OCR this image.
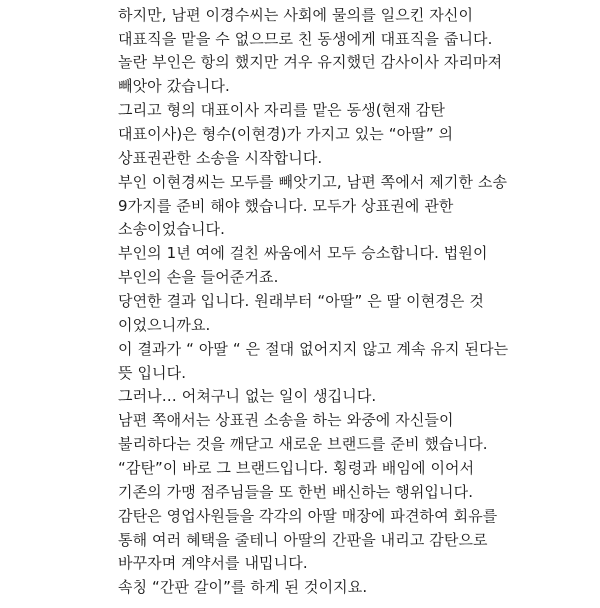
하지만, 남편 이경수씨는 사회에 물의를 일으킨 자신이

대표직을 맡을 수 없으므로 친 동생에게 대표직을 줍니다.

놀란 부인은 항의 했지만 겨우 유지했던 감사이사 자리마져

빼앗아 갔습니다.

그리고 형의 대표이사 자리를 맡은 동생(현재 감탄

대표이사)은 형수(이현경)가 가지고 있는 “아딸” 의

상표권관한 소송을 시작합니다.

부인 이현경씨는 모두를 빼앗기고, 남편 쪽에서 제기한 소송

9가지를 준비 해야 했습니다. 모두가 상표권에 관한

소송이었습니다.

부인의 1년 여에 걸친 싸움에서 모두 승소합니다. 법원이

부인의 손을 들어준거죠.

당연한 결과 입니다. 원래부터 “아딸” 은 딸 이현경은 것

이었으니까요.

이 결과가 “ 아딸 “ 은 절대 없어지지 않고 계속 유지 된다는

뜻 입니다.

그러나… 어쳐구니 없는 일이 생깁니다.

남편 쪽애서는 상표권 소송을 하는 와중에 자신들이

불리하다는 것을 깨닫고 새로운 브랜드를 준비 했습니다.

“감탄”이 바로 그 브랜드입니다. 횡령과 배임에 이어서

기존의 가맹 점주님들을 또 한번 배신하는 행위입니다.

감탄은 영업사원들을 각각의 아딸 매장에 파견하여 회유를

통해 여러 혜택을 줄테니 아딸의 간판을 내리고 감탄으로

바꾸자며 계약서를 내밉니다.

속칭 “간판 갈이”를 하게 된 것이지요.
